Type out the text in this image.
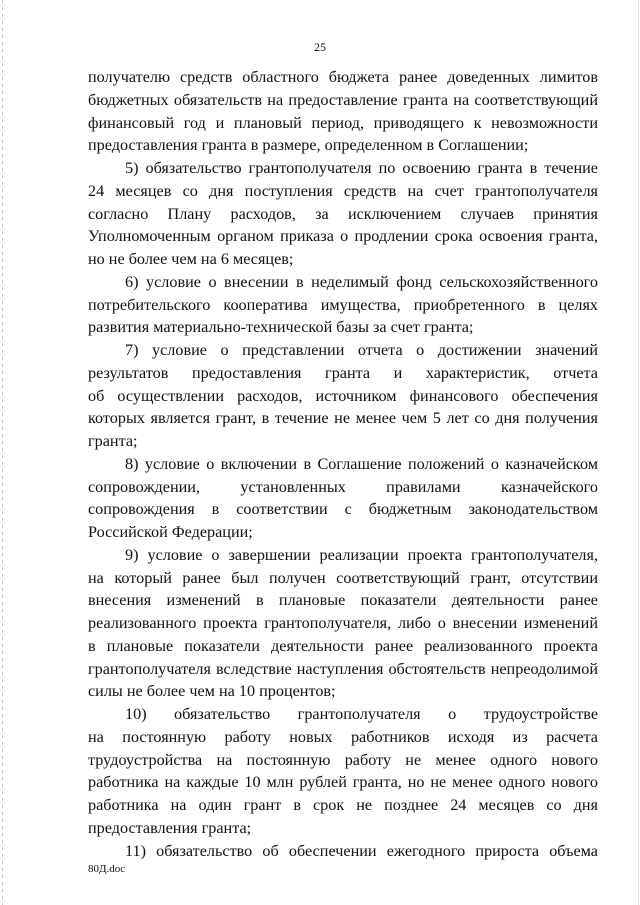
25
получателю средств областного бюджета ранее доведенных лимитов
бюджетных обязательств на предоставление гранта на соответствующий
финансовый год и плановый период, приводящего к невозможности
предоставления гранта в размере, определенном в Соглашении;
5) обязательство грантополучателя по освоению гранта в течение
24 месяцев со дня поступления средств на счет грантополучателя
согласно Плану расходов, за исключением случаев принятия
Уполномоченным органом приказа о продлении срока освоения гранта,
но не более чем на 6 месяцев;
6) условие о внесении в неделимый фонд сельскохозяйственного
потребительского кооператива имущества, приобретенного в целях
развития материально-технической базы за счет гранта;
7) условие о представлении отчета о достижении значений
результатов предоставления гранта и характеристик, отчета
об осуществлении расходов, источником финансового обеспечения
которых является грант, в течение не менее чем 5 лет со дня получения
гранта;
8) условие о включении в Соглашение положений о казначейском
сопровождении, установленных правилами казначейского
сопровождения в соответствии с бюджетным законодательством
Российской Федерации;
9) условие о завершении реализации проекта грантополучателя,
на который ранее был получен соответствующий грант, отсутствии
внесения изменений в плановые показатели деятельности ранее
реализованного проекта грантополучателя, либо о внесении изменений
в плановые показатели деятельности ранее реализованного проекта
грантополучателя вследствие наступления обстоятельств непреодолимой
силы не более чем на 10 процентов;
10) обязательство грантополучателя о трудоустройстве
на постоянную работу новых работников исходя из расчета
трудоустройства на постоянную работу не менее одного нового
работника на каждые 10 млн рублей гранта, но не менее одного нового
работника на один грант в срок не позднее 24 месяцев со дня
предоставления гранта;
11) обязательство об обеспечении ежегодного прироста объема
80Д.doc
